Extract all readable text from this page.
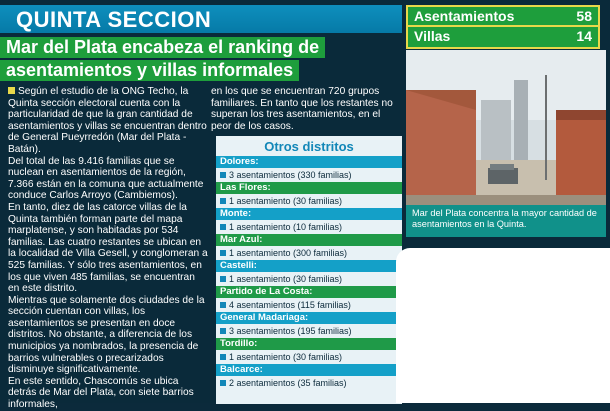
QUINTA SECCION
Mar del Plata encabeza el ranking de
asentamientos y villas informales

Según el estudio de la ONG Techo, la Quinta sección electoral cuenta con la particularidad de que la gran cantidad de asentamientos y villas se encuentran dentro de General Pueyrredón (Mar del Plata - Batán).

Del total de las 9.416 familias que se nuclean en asentamientos de la región, 7.366 están en la comuna que actualmente conduce Carlos Arroyo (Cambiemos).

En tanto, diez de las catorce villas de la Quinta también forman parte del mapa marplatense, y son habitadas por 534 familias. Las cuatro restantes se ubican en la localidad de Villa Gesell, y conglomeran a 525 familias. Y sólo tres asentamientos, en los que viven 485 familias, se encuentran en este distrito.

Mientras que solamente dos ciudades de la sección cuentan con villas, los asentamientos se presentan en doce distritos. No obstante, a diferencia de los municipios ya nombrados, la presencia de barrios vulnerables o precarizados disminuye significativamente.

En este sentido, Chascomús se ubica detrás de Mar del Plata, con siete barrios informales,

en los que se encuentran 720 grupos familiares. En tanto que los restantes no superan los tres asentamientos, en el peor de los casos.

Otros distritos
Dolores:
3 asentamientos (330 familias)
Las Flores:
1 asentamiento (30 familias)
Monte:
1 asentamiento (10 familias)
Mar Azul:
1 asentamiento (300 familias)
Castelli:
1 asentamiento (30 familias)
Partido de La Costa:
4 asentamientos (115 familias)
General Madariaga:
3 asentamientos (195 familias)
Tordillo:
1 asentamiento (30 familias)
Balcarce:
2 asentamientos (35 familias)
Asentamientos	58
Villas	14
Mar del Plata concentra la mayor cantidad de asentamientos en la Quinta.
